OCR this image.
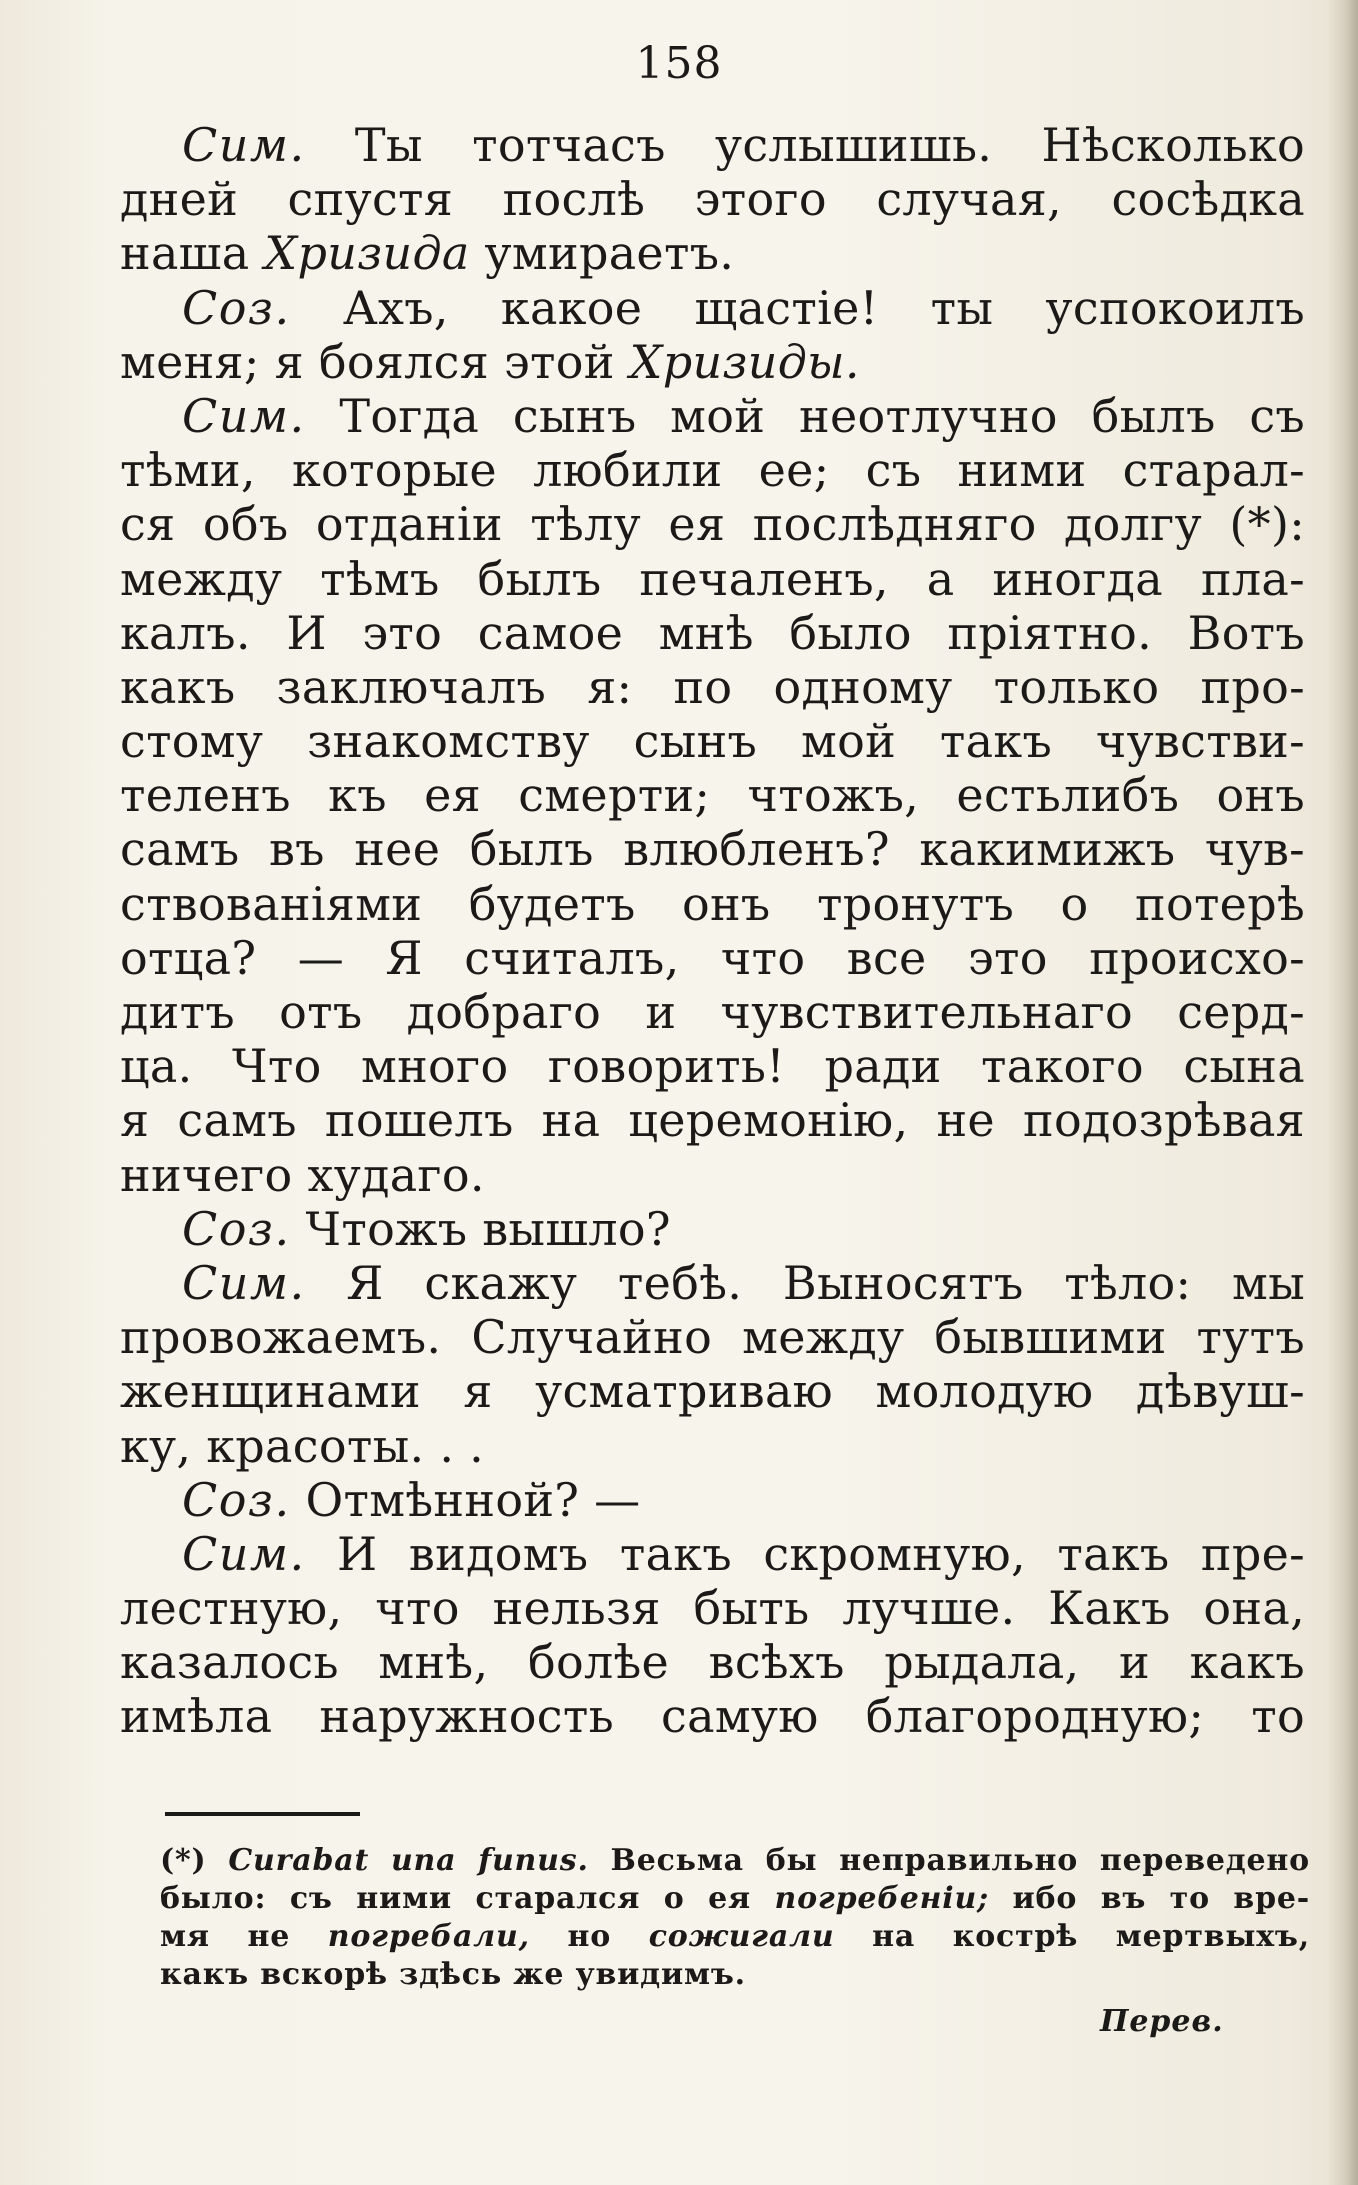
158
Сим. Ты тотчасъ услышишь. Нѣсколько
дней спустя послѣ этого случая, сосѣдка
наша Хризида умираетъ.
Соз. Ахъ, какое щастіе! ты успокоилъ
меня; я боялся этой Хризиды.
Сим. Тогда сынъ мой неотлучно былъ съ
тѣми, которые любили ее; съ ними старал-
ся объ отданіи тѣлу ея послѣдняго долгу (*):
между тѣмъ былъ печаленъ, а иногда пла-
калъ. И это самое мнѣ было пріятно. Вотъ
какъ заключалъ я: по одному только про-
стому знакомству сынъ мой такъ чувстви-
теленъ къ ея смерти; чтожъ, естьлибъ онъ
самъ въ нее былъ влюбленъ? какимижъ чув-
ствованіями будетъ онъ тронутъ о потерѣ
отца? — Я считалъ, что все это происхо-
дитъ отъ добраго и чувствительнаго серд-
ца. Что много говорить! ради такого сына
я самъ пошелъ на церемонію, не подозрѣвая
ничего худаго.
Соз. Чтожъ вышло?
Сим. Я скажу тебѣ. Выносятъ тѣло: мы
провожаемъ. Случайно между бывшими тутъ
женщинами я усматриваю молодую дѣвуш-
ку, красоты. . .
Соз. Отмѣнной? —
Сим. И видомъ такъ скромную, такъ пре-
лестную, что нельзя быть лучше. Какъ она,
казалось мнѣ, болѣе всѣхъ рыдала, и какъ
имѣла наружность самую благородную; то
(*) Curabat una funus. Весьма бы неправильно переведено
было: съ ними старался о ея погребеніи; ибо въ то вре-
мя не погребали, но сожигали на кострѣ мертвыхъ,
какъ вскорѣ здѣсь же увидимъ.
Перев.
